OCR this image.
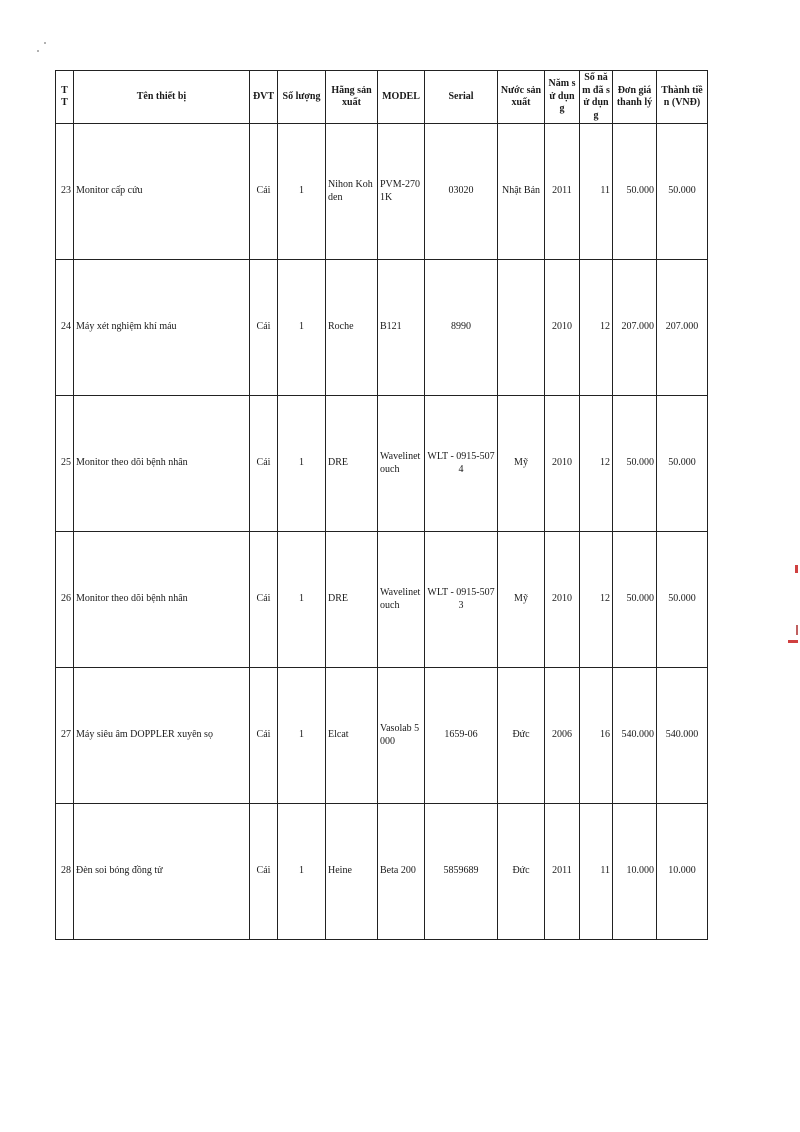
T T	Tên thiết bị	ĐVT	Số lượng	Hãng sản xuất	MODEL	Serial	Nước sản xuất	Năm sử dụng	Số năm đã sử dụng	Đơn giá thanh lý	Thành tiền (VNĐ)
23	Monitor cấp cứu	Cái	1	Nihon Kohden	PVM-2701K	03020	Nhật Bản	2011	11	50.000	50.000
24	Máy xét nghiệm khí máu	Cái	1	Roche	B121	8990		2010	12	207.000	207.000
25	Monitor theo dõi bệnh nhân	Cái	1	DRE	Wavelinetouch	WLT - 0915-5074	Mỹ	2010	12	50.000	50.000
26	Monitor theo dõi bệnh nhân	Cái	1	DRE	Wavelinetouch	WLT - 0915-5073	Mỹ	2010	12	50.000	50.000
27	Máy siêu âm DOPPLER xuyên sọ	Cái	1	Elcat	Vasolab 5000	1659-06	Đức	2006	16	540.000	540.000
28	Đèn soi bóng đồng tử	Cái	1	Heine	Beta 200	5859689	Đức	2011	11	10.000	10.000
